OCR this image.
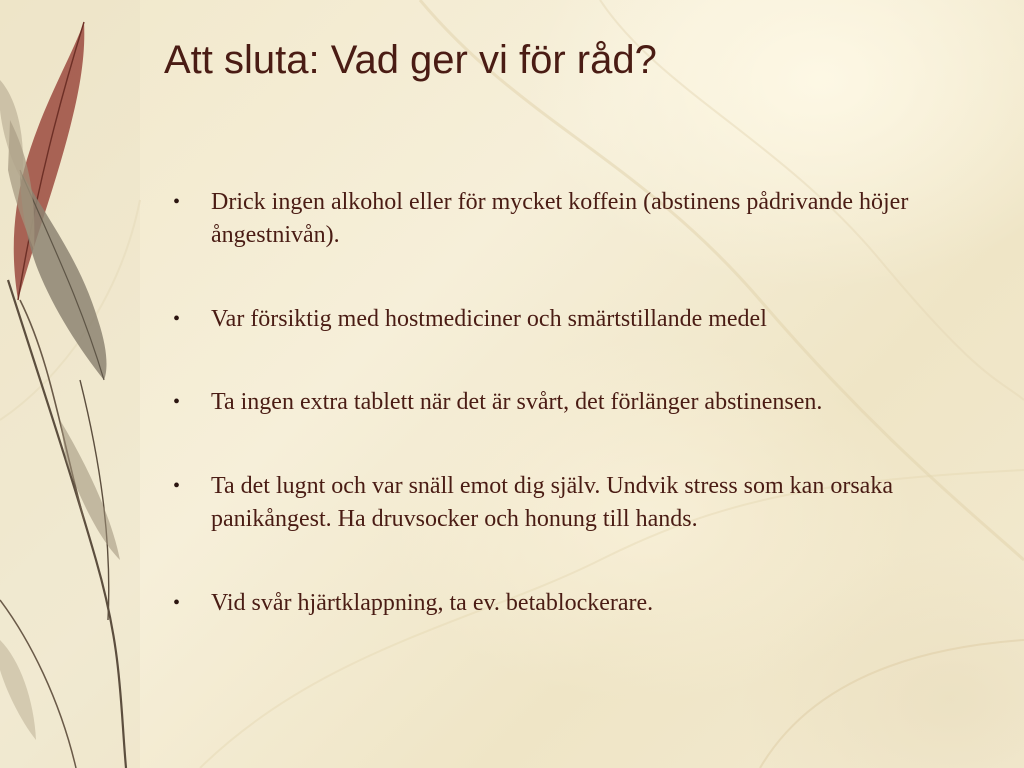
Att sluta: Vad ger vi för råd?
• Drick ingen alkohol eller för mycket koffein (abstinens pådrivande höjer ångestnivån).
• Var försiktig med hostmediciner och smärtstillande medel
• Ta ingen extra tablett när det är svårt, det förlänger abstinensen.
• Ta det lugnt och var snäll emot dig själv. Undvik stress som kan orsaka panikångest. Ha druvsocker och honung till hands.
• Vid svår hjärtklappning, ta ev. betablockerare.
